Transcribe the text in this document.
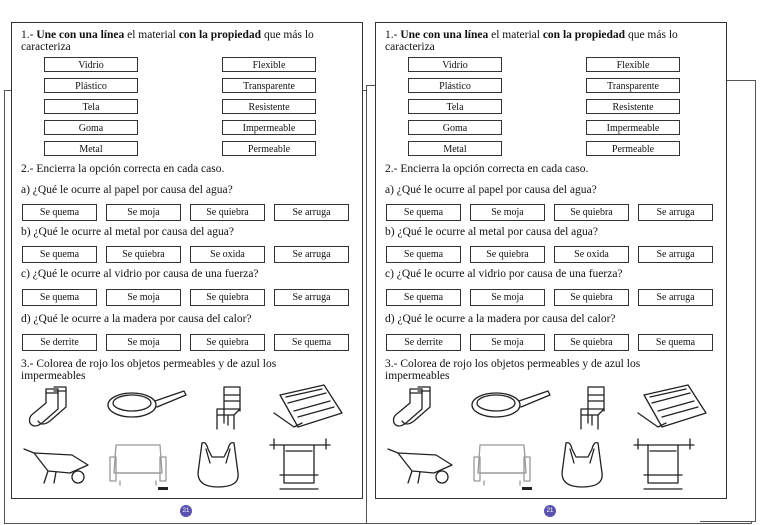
1.- Une con una línea el material con la propiedad que más lo
caracteriza
Vidrio	Flexible
Plástico	Transparente
Tela	Resistente
Goma	Impermeable
Metal	Permeable
2.- Encierra la opción correcta en cada caso.
a) ¿Qué le ocurre al papel por causa del agua?
Se quema	Se moja	Se quiebra	Se arruga
b) ¿Qué le ocurre al metal por causa del agua?
Se quema	Se quiebra	Se oxida	Se arruga
c) ¿Qué le ocurre al vidrio por causa de una fuerza?
Se quema	Se moja	Se quiebra	Se arruga
d) ¿Qué le ocurre a la madera por causa del calor?
Se derrite	Se moja	Se quiebra	Se quema
3.- Colorea de rojo los objetos permeables y de azul los
impermeables
21
1.- Une con una línea el material con la propiedad que más lo
caracteriza
Vidrio	Flexible
Plástico	Transparente
Tela	Resistente
Goma	Impermeable
Metal	Permeable
2.- Encierra la opción correcta en cada caso.
a) ¿Qué le ocurre al papel por causa del agua?
Se quema	Se moja	Se quiebra	Se arruga
b) ¿Qué le ocurre al metal por causa del agua?
Se quema	Se quiebra	Se oxida	Se arruga
c) ¿Qué le ocurre al vidrio por causa de una fuerza?
Se quema	Se moja	Se quiebra	Se arruga
d) ¿Qué le ocurre a la madera por causa del calor?
Se derrite	Se moja	Se quiebra	Se quema
3.- Colorea de rojo los objetos permeables y de azul los
impermeables
21
